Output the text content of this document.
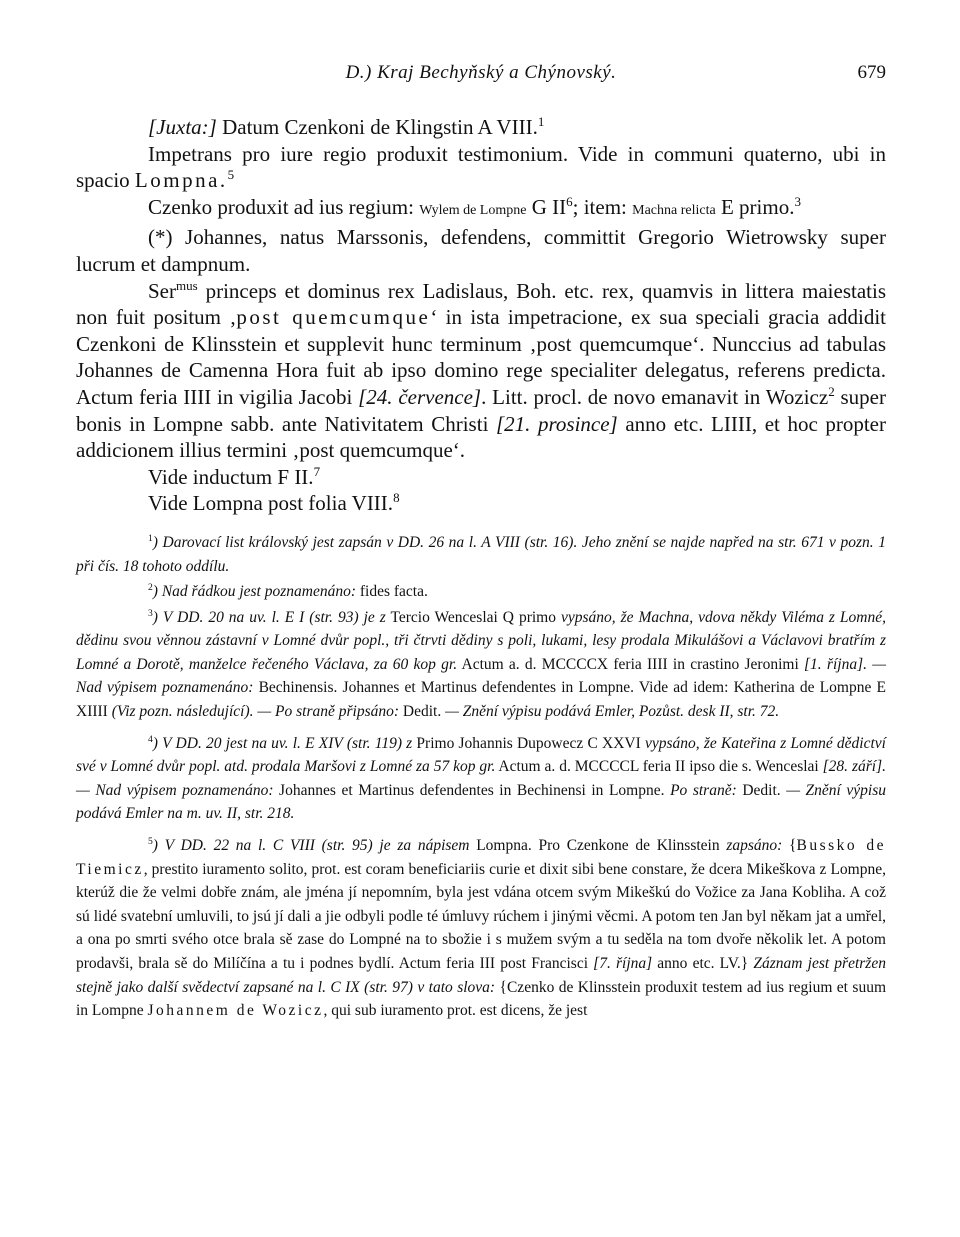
D.) Kraj Bechyňský a Chýnovský.	679

[Juxta:] Datum Czenkoni de Klingstin A VIII.$^1$

Impetrans pro iure regio produxit testimonium. Vide in communi quaterno, ubi in spacio Lompna.$^5$

Czenko produxit ad ius regium: Wylem de Lompne G $II^6$; item: Machna relicta E primo.$^3$

(*) Johannes, natus Marssonis, defendens, committit Gregorio Wietrowsky super lucrum et dampnum.

Ser$^{mus}$ princeps et dominus rex Ladislaus, Boh. etc. rex, quamvis in littera maiestatis non fuit positum ‚post quemcumque‘ in ista impetracione, ex sua speciali gracia addidit Czenkoni de Klinsstein et supplevit hunc terminum ‚post quemcumque‘. Nunccius ad tabulas Johannes de Camenna Hora fuit ab ipso domino rege specialiter delegatus, referens predicta. Actum feria IIII in vigilia Jacobi [24. července]. Litt. procl. de novo emanavit in Wozicz$^2$ super bonis in Lompne sabb. ante Nativitatem Christi [21. prosince] anno etc. LIIII, et hoc propter addicionem illius termini ‚post quemcumque‘.

Vide inductum F II.$^7$

Vide Lompna post folia VIII.$^8$

$^1$) Darovací list královský jest zapsán v DD. 26 na l. A VIII (str. 16). Jeho znění se najde napřed na str. 671 v pozn. 1 při čís. 18 tohoto oddílu.

$^2$) Nad řádkou jest poznamenáno: fides facta.

$^3$) V DD. 20 na uv. l. E I (str. 93) je z Tercio Wenceslai Q primo vypsáno, že Machna, vdova někdy Viléma z Lomné, dědinu svou věnnou zástavní v Lomné dvůr popl., tři čtrvti dědiny s poli, lukami, lesy prodala Mikulášovi a Václavovi bratřím z Lomné a Dorotě, manželce řečeného Václava, za 60 kop gr. Actum a. d. MCCCCX feria IIII in crastino Jeronimi [1. října]. — Nad výpisem poznamenáno: Bechinensis. Johannes et Martinus defendentes in Lompne. Vide ad idem: Katherina de Lompne E XIIII (Viz pozn. následující). — Po straně připsáno: Dedit. — Znění výpisu podává Emler, Pozůst. desk II, str. 72.

$^4$) V DD. 20 jest na uv. l. E XIV (str. 119) z Primo Johannis Dupowecz C XXVI vypsáno, že Kateřina z Lomné dědictví své v Lomné dvůr popl. atd. prodala Maršovi z Lomné za 57 kop gr. Actum a. d. MCCCCL feria II ipso die s. Wenceslai [28. září]. — Nad výpisem poznamenáno: Johannes et Martinus defendentes in Bechinensi in Lompne. Po straně: Dedit. — Znění výpisu podává Emler na m. uv. II, str. 218.

$^5$) V DD. 22 na l. C VIII (str. 95) je za nápisem Lompna. Pro Czenkone de Klinsstein zapsáno: {Bussko de Tiemicz, prestito iuramento solito, prot. est coram beneficiariis curie et dixit sibi bene constare, že dcera Mikeškova z Lompne, kterúž die že velmi dobře znám, ale jména jí nepomním, byla jest vdána otcem svým Mikeškú do Vožice za Jana Kobliha. A což sú lidé svatební umluvili, to jsú jí dali a jie odbyli podle té úmluvy rúchem i jinými věcmi. A potom ten Jan byl někam jat a umřel, a ona po smrti svého otce brala sě zase do Lompné na to sbožie i s mužem svým a tu seděla na tom dvoře několik let. A potom prodavši, brala sě do Milíčína a tu i podnes bydlí. Actum feria III post Francisci [7. října] anno etc. LV.} Záznam jest přetržen stejně jako další svědectví zapsané na l. C IX (str. 97) v tato slova: {Czenko de Klinsstein produxit testem ad ius regium et suum in Lompne Johannem de Wozicz, qui sub iuramento prot. est dicens, že jest
